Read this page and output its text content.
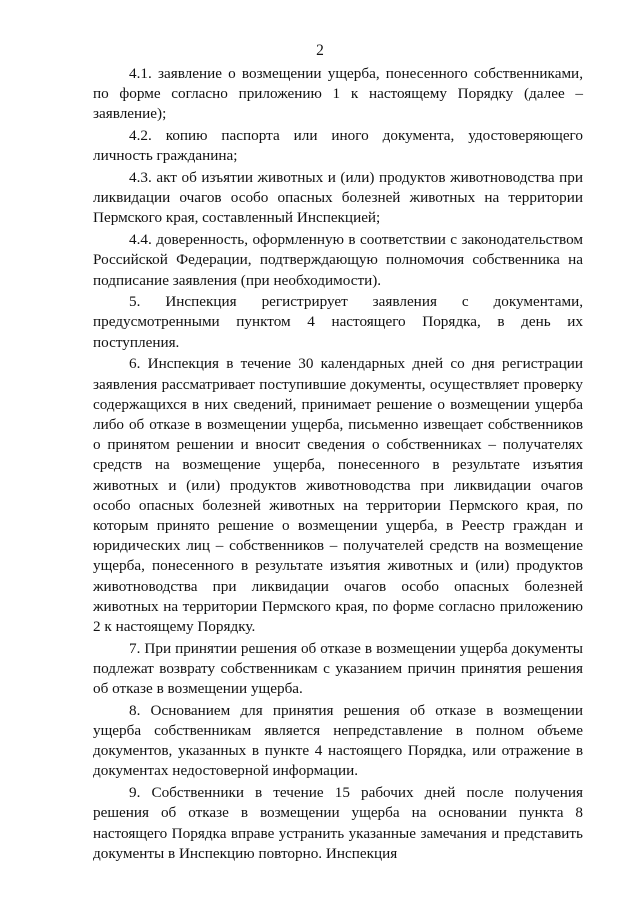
2

4.1. заявление о возмещении ущерба, понесенного собственниками, по форме согласно приложению 1 к настоящему Порядку (далее – заявление);

4.2. копию паспорта или иного документа, удостоверяющего личность гражданина;

4.3. акт об изъятии животных и (или) продуктов животноводства при ликвидации очагов особо опасных болезней животных на территории Пермского края, составленный Инспекцией;

4.4. доверенность, оформленную в соответствии с законодательством Российской Федерации, подтверждающую полномочия собственника на подписание заявления (при необходимости).

5. Инспекция регистрирует заявления с документами, предусмотренными пунктом 4 настоящего Порядка, в день их поступления.

6. Инспекция в течение 30 календарных дней со дня регистрации заявления рассматривает поступившие документы, осуществляет проверку содержащихся в них сведений, принимает решение о возмещении ущерба либо об отказе в возмещении ущерба, письменно извещает собственников о принятом решении и вносит сведения о собственниках – получателях средств на возмещение ущерба, понесенного в результате изъятия животных и (или) продуктов животноводства при ликвидации очагов особо опасных болезней животных на территории Пермского края, по которым принято решение о возмещении ущерба, в Реестр граждан и юридических лиц – собственников – получателей средств на возмещение ущерба, понесенного в результате изъятия животных и (или) продуктов животноводства при ликвидации очагов особо опасных болезней животных на территории Пермского края, по форме согласно приложению 2 к настоящему Порядку.

7. При принятии решения об отказе в возмещении ущерба документы подлежат возврату собственникам с указанием причин принятия решения об отказе в возмещении ущерба.

8. Основанием для принятия решения об отказе в возмещении ущерба собственникам является непредставление в полном объеме документов, указанных в пункте 4 настоящего Порядка, или отражение в документах недостоверной информации.

9. Собственники в течение 15 рабочих дней после получения решения об отказе в возмещении ущерба на основании пункта 8 настоящего Порядка вправе устранить указанные замечания и представить документы в Инспекцию повторно. Инспекция
